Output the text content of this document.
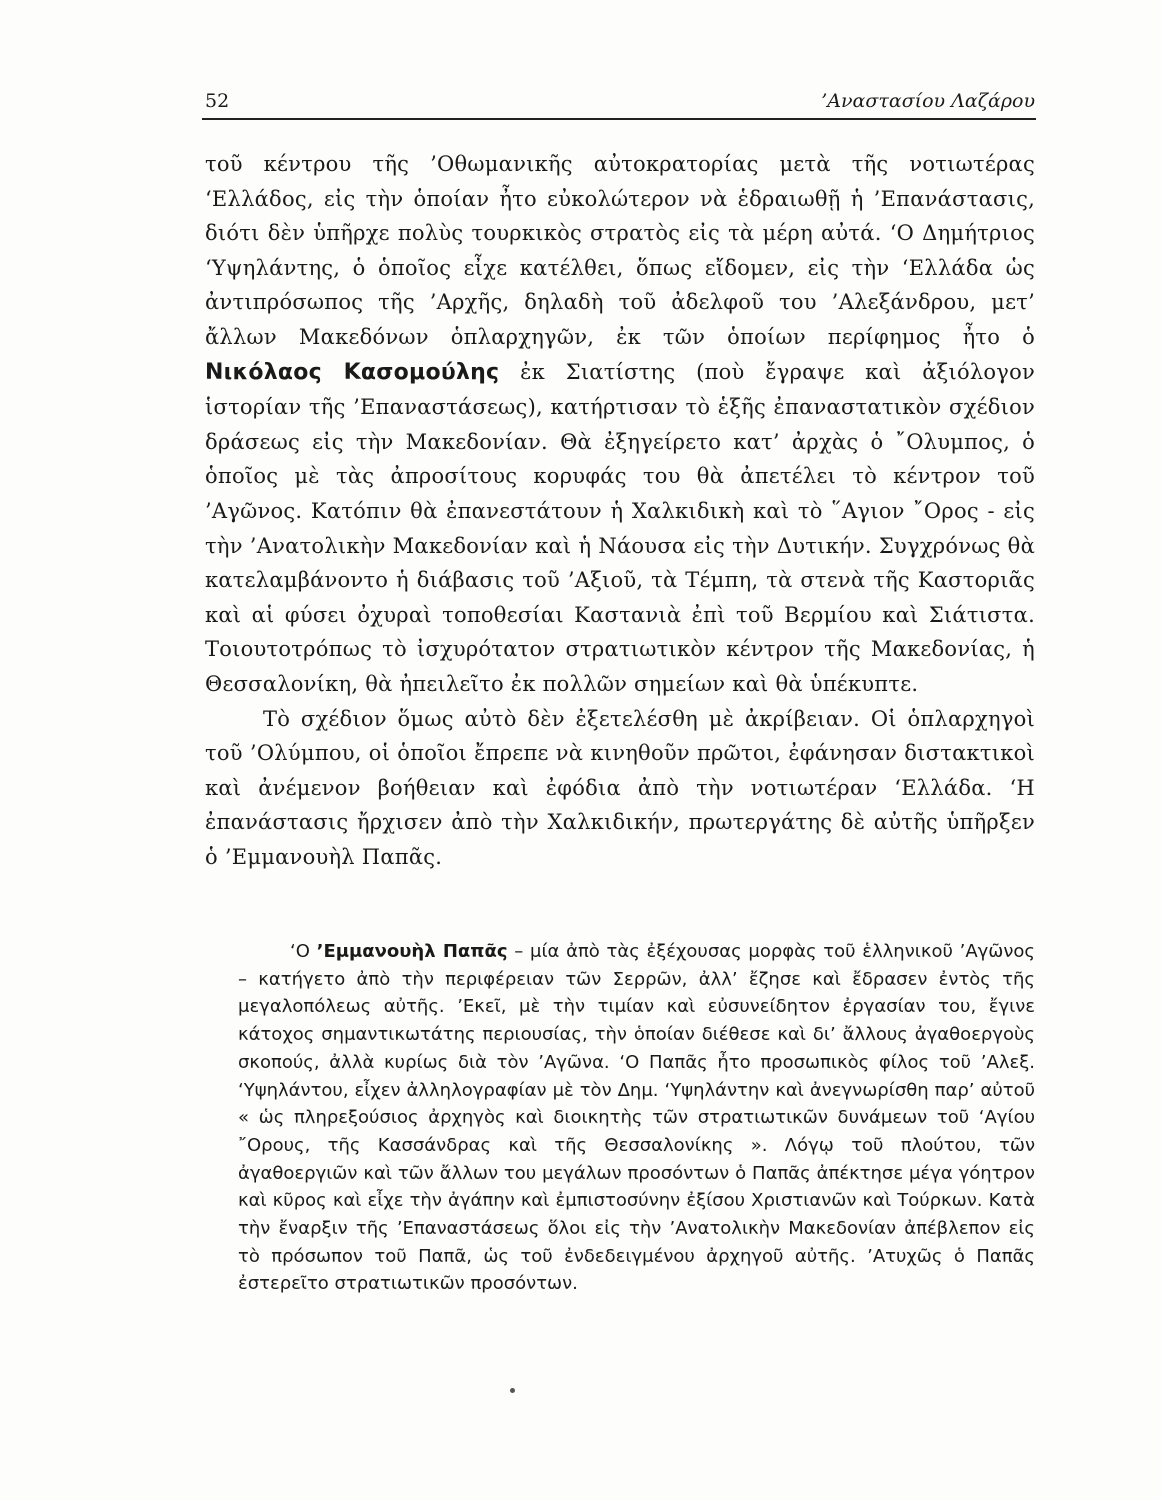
52	’Αναστασίου Λαζάρου

τοῦ κέντρου τῆς ’Οθωμανικῆς αὐτοκρατορίας μετὰ τῆς νοτιωτέρας ‘Ελλάδος, εἰς τὴν ὁποίαν ἦτο εὐκολώτερον νὰ ἑδραιωθῇ ἡ ’Επανάστασις, διότι δὲν ὑπῆρχε πολὺς τουρκικὸς στρατὸς εἰς τὰ μέρη αὐτά. ‘Ο Δημήτριος ‘Υψηλάντης, ὁ ὁποῖος εἶχε κατέλθει, ὅπως εἴδομεν, εἰς τὴν ‘Ελλάδα ὡς ἀντιπρόσωπος τῆς ’Αρχῆς, δηλαδὴ τοῦ ἀδελφοῦ του ’Αλεξάνδρου, μετ’ ἄλλων Μακεδόνων ὁπλαρχηγῶν, ἐκ τῶν ὁποίων περίφημος ἦτο ὁ Νικόλαος Κασομούλης ἐκ Σιατίστης (ποὺ ἔγραψε καὶ ἀξιόλογον ἱστορίαν τῆς ’Επαναστάσεως), κατήρτισαν τὸ ἑξῆς ἐπαναστατικὸν σχέδιον δράσεως εἰς τὴν Μακεδονίαν. Θὰ ἐξηγείρετο κατ’ ἀρχὰς ὁ ῎Ολυμπος, ὁ ὁποῖος μὲ τὰς ἀπροσίτους κορυφάς του θὰ ἀπετέλει τὸ κέντρον τοῦ ’Αγῶνος. Κατόπιν θὰ ἐπανεστάτουν ἡ Χαλκιδικὴ καὶ τὸ ῞Αγιον ῎Ορος - εἰς τὴν ’Ανατολικὴν Μακεδονίαν καὶ ἡ Νάουσα εἰς τὴν Δυτικήν. Συγχρόνως θὰ κατελαμβάνοντο ἡ διάβασις τοῦ ’Αξιοῦ, τὰ Τέμπη, τὰ στενὰ τῆς Καστοριᾶς καὶ αἱ φύσει ὀχυραὶ τοποθεσίαι Καστανιὰ ἐπὶ τοῦ Βερμίου καὶ Σιάτιστα. Τοιουτοτρόπως τὸ ἰσχυρότατον στρατιωτικὸν κέντρον τῆς Μακεδονίας, ἡ Θεσσαλονίκη, θὰ ἠπειλεῖτο ἐκ πολλῶν σημείων καὶ θὰ ὑπέκυπτε.

Τὸ σχέδιον ὅμως αὐτὸ δὲν ἐξετελέσθη μὲ ἀκρίβειαν. Οἱ ὁπλαρχηγοὶ τοῦ ’Ολύμπου, οἱ ὁποῖοι ἔπρεπε νὰ κινηθοῦν πρῶτοι, ἐφάνησαν διστακτικοὶ καὶ ἀνέμενον βοήθειαν καὶ ἐφόδια ἀπὸ τὴν νοτιωτέραν ‘Ελλάδα. ‘Η ἐπανάστασις ἤρχισεν ἀπὸ τὴν Χαλκιδικήν, πρωτεργάτης δὲ αὐτῆς ὑπῆρξεν ὁ ’Εμμανουὴλ Παπᾶς.

‘Ο ’Εμμανουὴλ Παπᾶς – μία ἀπὸ τὰς ἐξέχουσας μορφὰς τοῦ ἑλληνικοῦ ’Αγῶνος – κατήγετο ἀπὸ τὴν περιφέρειαν τῶν Σερρῶν, ἀλλ’ ἔζησε καὶ ἔδρασεν ἐντὸς τῆς μεγαλοπόλεως αὐτῆς. ’Εκεῖ, μὲ τὴν τιμίαν καὶ εὐσυνείδητον ἐργασίαν του, ἔγινε κάτοχος σημαντικωτάτης περιουσίας, τὴν ὁποίαν διέθεσε καὶ δι’ ἄλλους ἀγαθοεργοὺς σκοπούς, ἀλλὰ κυρίως διὰ τὸν ’Αγῶνα. ‘Ο Παπᾶς ἦτο προσωπικὸς φίλος τοῦ ’Αλεξ. ‘Υψηλάντου, εἶχεν ἀλληλογραφίαν μὲ τὸν Δημ. ‘Υψηλάντην καὶ ἀνεγνωρίσθη παρ’ αὐτοῦ « ὡς πληρεξούσιος ἀρχηγὸς καὶ διοικητὴς τῶν στρατιωτικῶν δυνάμεων τοῦ ‘Αγίου ῎Ορους, τῆς Κασσάνδρας καὶ τῆς Θεσσαλονίκης ». Λόγῳ τοῦ πλούτου, τῶν ἀγαθοεργιῶν καὶ τῶν ἄλλων του μεγάλων προσόντων ὁ Παπᾶς ἀπέκτησε μέγα γόητρον καὶ κῦρος καὶ εἶχε τὴν ἀγάπην καὶ ἐμπιστοσύνην ἐξίσου Χριστιανῶν καὶ Τούρκων. Κατὰ τὴν ἔναρξιν τῆς ’Επαναστάσεως ὅλοι εἰς τὴν ’Ανατολικὴν Μακεδονίαν ἀπέβλεπον εἰς τὸ πρόσωπον τοῦ Παπᾶ, ὡς τοῦ ἐνδεδειγμένου ἀρχηγοῦ αὐτῆς. ’Ατυχῶς ὁ Παπᾶς ἐστερεῖτο στρατιωτικῶν προσόντων.
